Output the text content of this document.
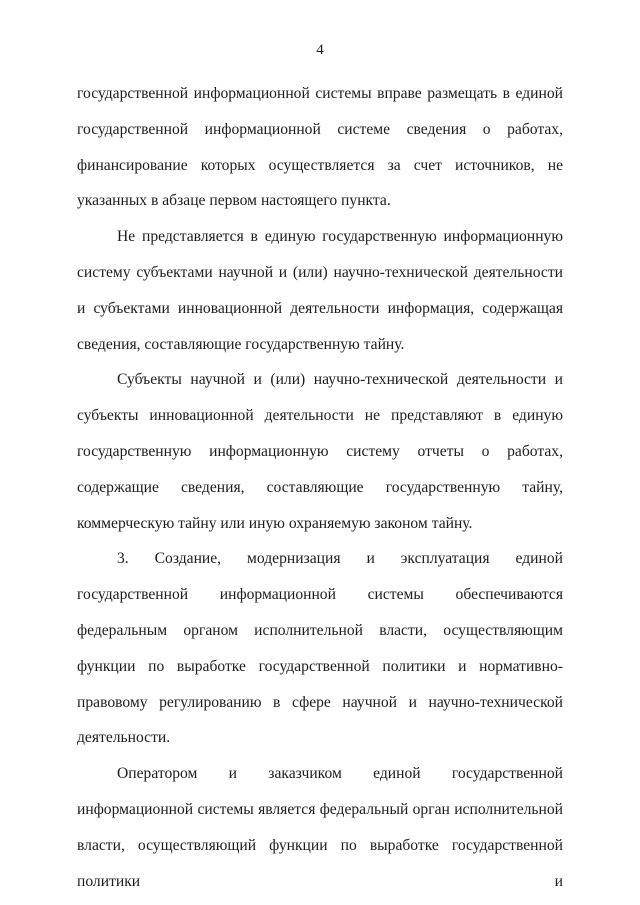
4

государственной информационной системы вправе размещать в единой государственной информационной системе сведения о работах, финансирование которых осуществляется за счет источников, не указанных в абзаце первом настоящего пункта.

Не представляется в единую государственную информационную систему субъектами научной и (или) научно-технической деятельности и субъектами инновационной деятельности информация, содержащая сведения, составляющие государственную тайну.

Субъекты научной и (или) научно-технической деятельности и субъекты инновационной деятельности не представляют в единую государственную информационную систему отчеты о работах, содержащие сведения, составляющие государственную тайну, коммерческую тайну или иную охраняемую законом тайну.

3. Создание, модернизация и эксплуатация единой государственной информационной системы обеспечиваются федеральным органом исполнительной власти, осуществляющим функции по выработке государственной политики и нормативно-правовому регулированию в сфере научной и научно-технической деятельности.

Оператором и заказчиком единой государственной информационной системы является федеральный орган исполнительной власти, осуществляющий функции по выработке государственной политики и
